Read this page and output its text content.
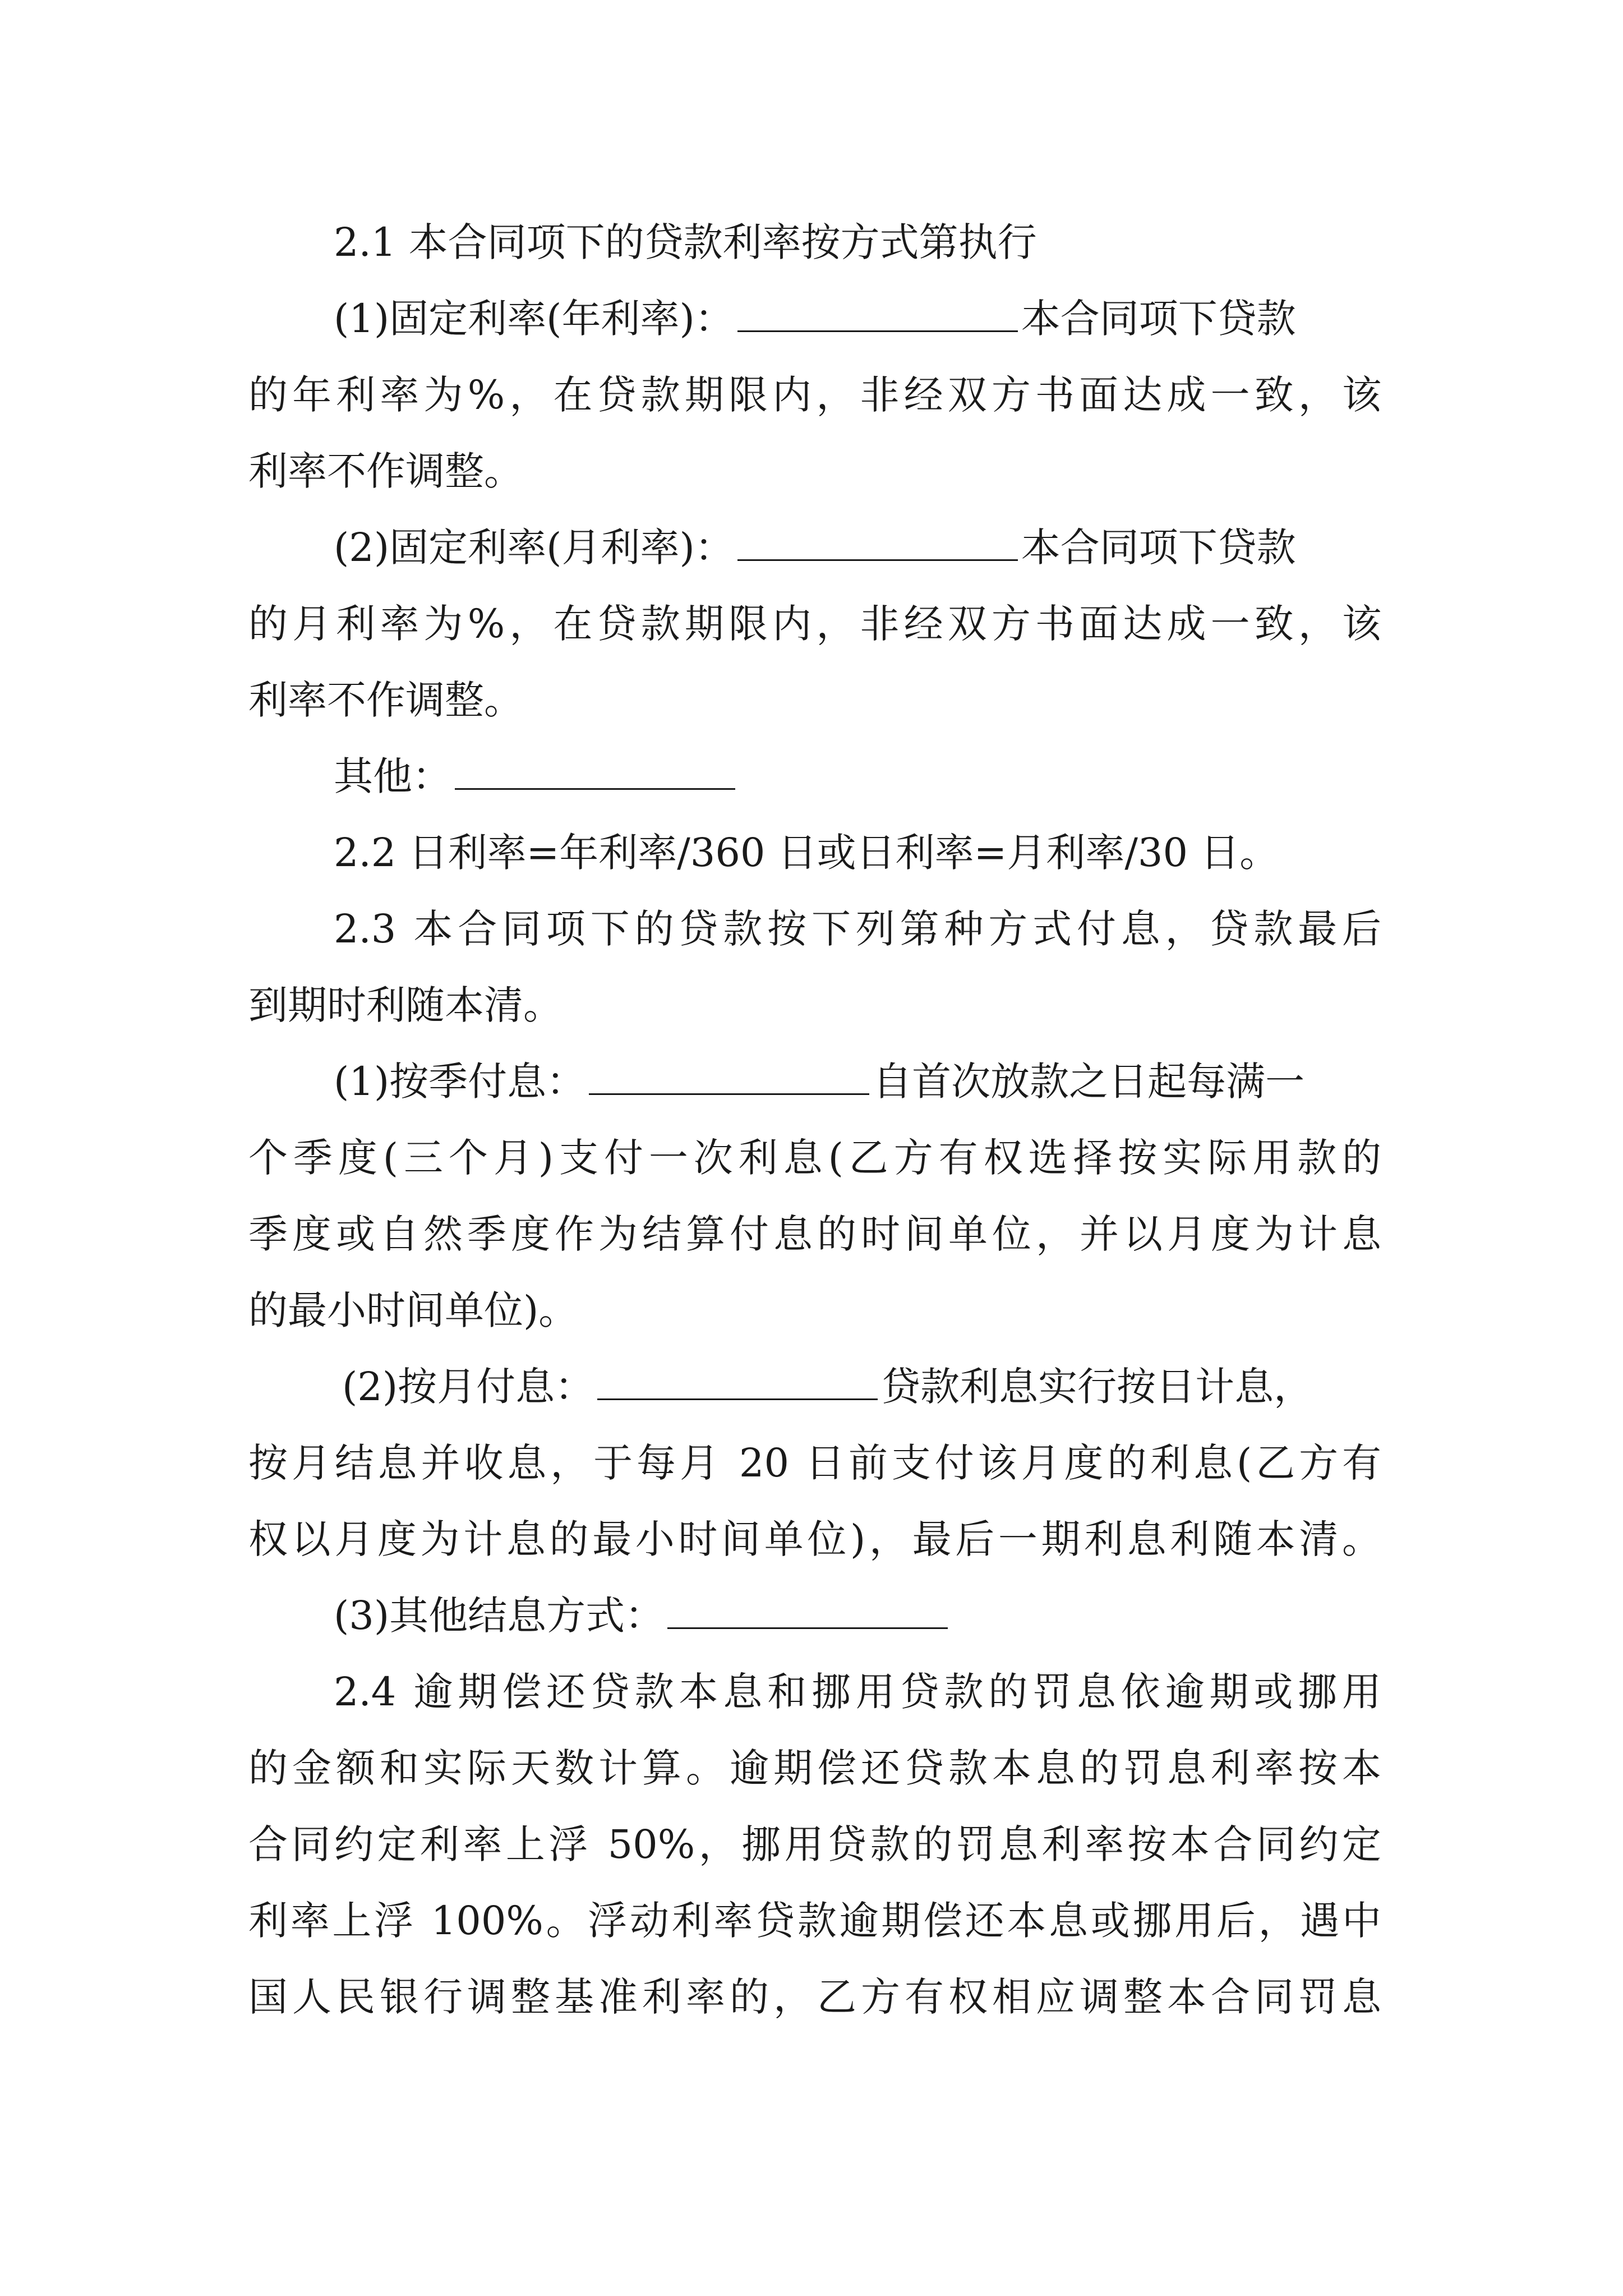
2.1 本合同项下的贷款利率按方式第执行
(1)固定利率(年利率)：	本合同项下贷款
的年利率为%，在贷款期限内，非经双方书面达成一致，该
利率不作调整。
(2)固定利率(月利率)：	本合同项下贷款
的月利率为%，在贷款期限内，非经双方书面达成一致，该
利率不作调整。
其他：
2.2 日利率=年利率/360 日或日利率=月利率/30 日。
2.3 本合同项下的贷款按下列第种方式付息，贷款最后
到期时利随本清。
(1)按季付息：	自首次放款之日起每满一
个季度(三个月)支付一次利息(乙方有权选择按实际用款的
季度或自然季度作为结算付息的时间单位，并以月度为计息
的最小时间单位)。
(2)按月付息：	贷款利息实行按日计息，
按月结息并收息，于每月 20 日前支付该月度的利息(乙方有
权以月度为计息的最小时间单位)，最后一期利息利随本清。
(3)其他结息方式：
2.4 逾期偿还贷款本息和挪用贷款的罚息依逾期或挪用
的金额和实际天数计算。逾期偿还贷款本息的罚息利率按本
合同约定利率上浮 50%，挪用贷款的罚息利率按本合同约定
利率上浮 100%。浮动利率贷款逾期偿还本息或挪用后，遇中
国人民银行调整基准利率的，乙方有权相应调整本合同罚息
